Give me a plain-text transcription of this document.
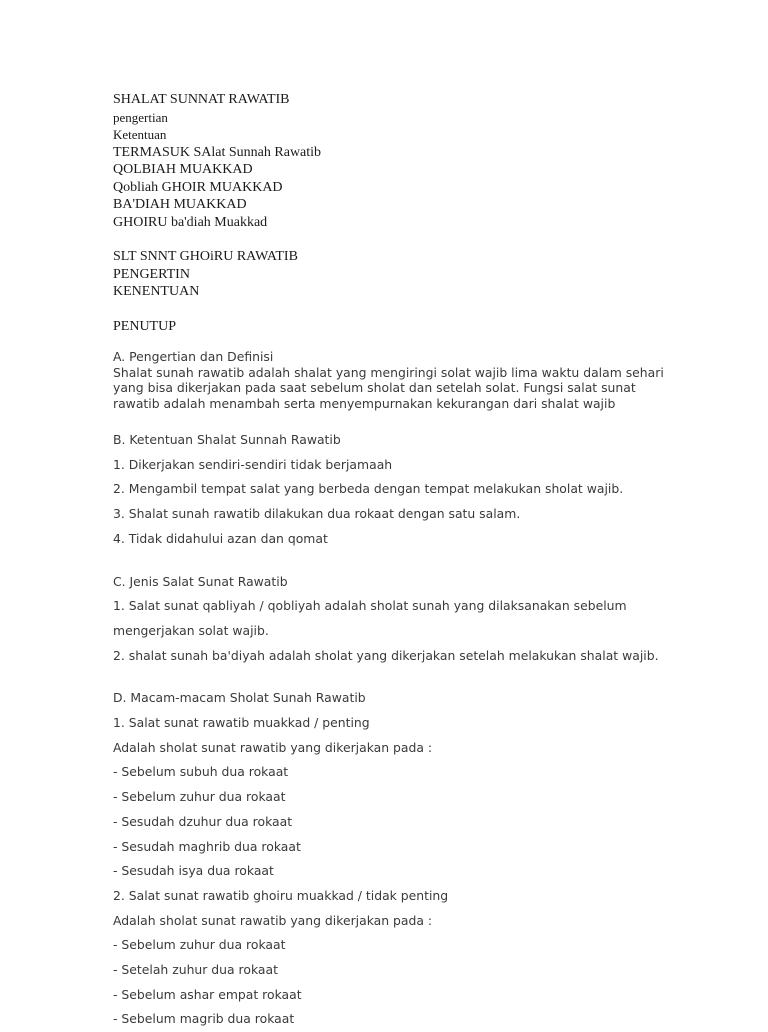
SHALAT SUNNAT RAWATIB
pengertian
Ketentuan
TERMASUK SAlat Sunnah Rawatib
QOLBIAH MUAKKAD
Qobliah GHOIR MUAKKAD
BA'DIAH MUAKKAD
GHOIRU ba'diah Muakkad
SLT SNNT GHOiRU RAWATIB
PENGERTIN
KENENTUAN
PENUTUP
A. Pengertian dan Definisi
Shalat sunah rawatib adalah shalat yang mengiringi solat wajib lima waktu dalam sehari
yang bisa dikerjakan pada saat sebelum sholat dan setelah solat. Fungsi salat sunat
rawatib adalah menambah serta menyempurnakan kekurangan dari shalat wajib
B. Ketentuan Shalat Sunnah Rawatib
1. Dikerjakan sendiri-sendiri tidak berjamaah
2. Mengambil tempat salat yang berbeda dengan tempat melakukan sholat wajib.
3. Shalat sunah rawatib dilakukan dua rokaat dengan satu salam.
4. Tidak didahului azan dan qomat
C. Jenis Salat Sunat Rawatib
1. Salat sunat qabliyah / qobliyah adalah sholat sunah yang dilaksanakan sebelum
mengerjakan solat wajib.
2. shalat sunah ba'diyah adalah sholat yang dikerjakan setelah melakukan shalat wajib.
D. Macam-macam Sholat Sunah Rawatib
1. Salat sunat rawatib muakkad / penting
Adalah sholat sunat rawatib yang dikerjakan pada :
- Sebelum subuh dua rokaat
- Sebelum zuhur dua rokaat
- Sesudah dzuhur dua rokaat
- Sesudah maghrib dua rokaat
- Sesudah isya dua rokaat
2. Salat sunat rawatib ghoiru muakkad / tidak penting
Adalah sholat sunat rawatib yang dikerjakan pada :
- Sebelum zuhur dua rokaat
- Setelah zuhur dua rokaat
- Sebelum ashar empat rokaat
- Sebelum magrib dua rokaat
